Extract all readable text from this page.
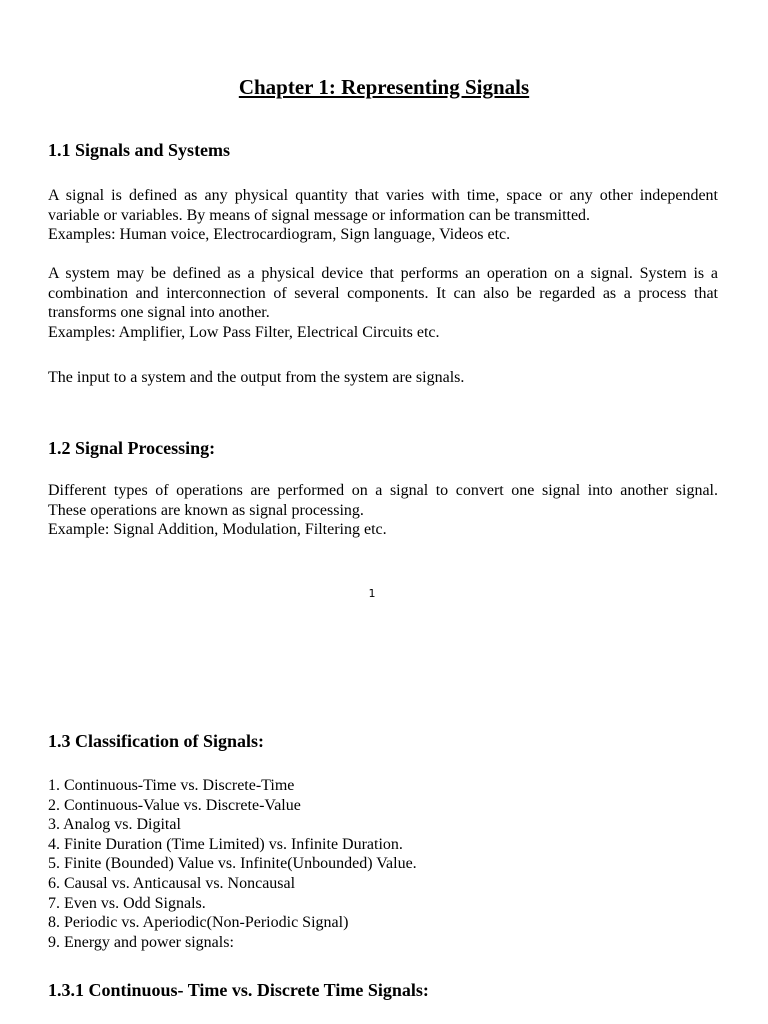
Chapter 1: Representing Signals
1.1 Signals and Systems
A signal is defined as any physical quantity that varies with time, space or any other independent
variable or variables. By means of signal message or information can be transmitted.

Examples: Human voice, Electrocardiogram, Sign language, Videos etc.

A system may be defined as a physical device that performs an operation on a signal. System is a
combination and interconnection of several components. It can also be regarded as a process that
transforms one signal into another.

Examples: Amplifier, Low Pass Filter, Electrical Circuits etc.

The input to a system and the output from the system are signals.

1.2 Signal Processing:
Different types of operations are performed on a signal to convert one signal into another signal.
These operations are known as signal processing.

Example: Signal Addition, Modulation, Filtering etc.

1
1.3 Classification of Signals:
1. Continuous-Time vs. Discrete-Time
2. Continuous-Value vs. Discrete-Value
3. Analog vs. Digital
4. Finite Duration (Time Limited) vs. Infinite Duration.
5. Finite (Bounded) Value vs. Infinite(Unbounded) Value.
6. Causal vs. Anticausal vs. Noncausal
7. Even vs. Odd Signals.
8. Periodic vs. Aperiodic(Non-Periodic Signal)
9. Energy and power signals:
1.3.1 Continuous- Time vs. Discrete Time Signals:
